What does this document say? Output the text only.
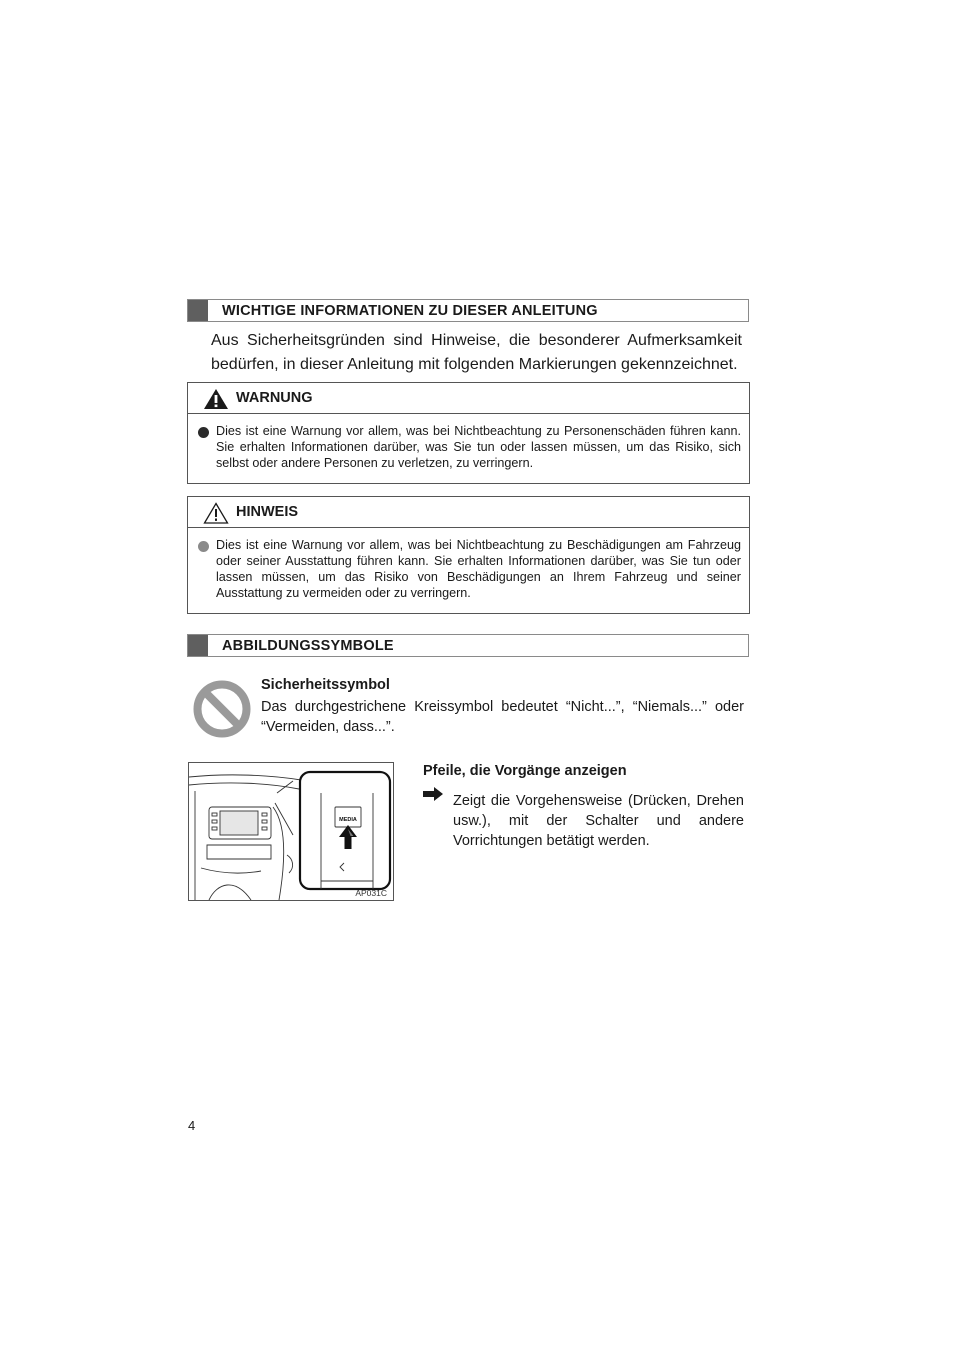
WICHTIGE INFORMATIONEN ZU DIESER ANLEITUNG
Aus Sicherheitsgründen sind Hinweise, die besonderer Aufmerksamkeit bedürfen, in dieser Anleitung mit folgenden Markierungen gekennzeichnet.
WARNUNG
Dies ist eine Warnung vor allem, was bei Nichtbeachtung zu Personenschäden führen kann. Sie erhalten Informationen darüber, was Sie tun oder lassen müssen, um das Risiko, sich selbst oder andere Personen zu verletzen, zu verringern.
HINWEIS
Dies ist eine Warnung vor allem, was bei Nichtbeachtung zu Beschädigungen am Fahrzeug oder seiner Ausstattung führen kann. Sie erhalten Informationen darüber, was Sie tun oder lassen müssen, um das Risiko von Beschädigungen an Ihrem Fahrzeug und seiner Ausstattung zu vermeiden oder zu verringern.
ABBILDUNGSSYMBOLE
Sicherheitssymbol
Das durchgestrichene Kreissymbol bedeutet “Nicht...”, “Niemals...” oder “Vermeiden, dass...”.
MEDIA
AP031C
Pfeile, die Vorgänge anzeigen
Zeigt die Vorgehensweise (Drücken, Drehen usw.), mit der Schalter und andere Vorrichtungen betätigt werden.
4
